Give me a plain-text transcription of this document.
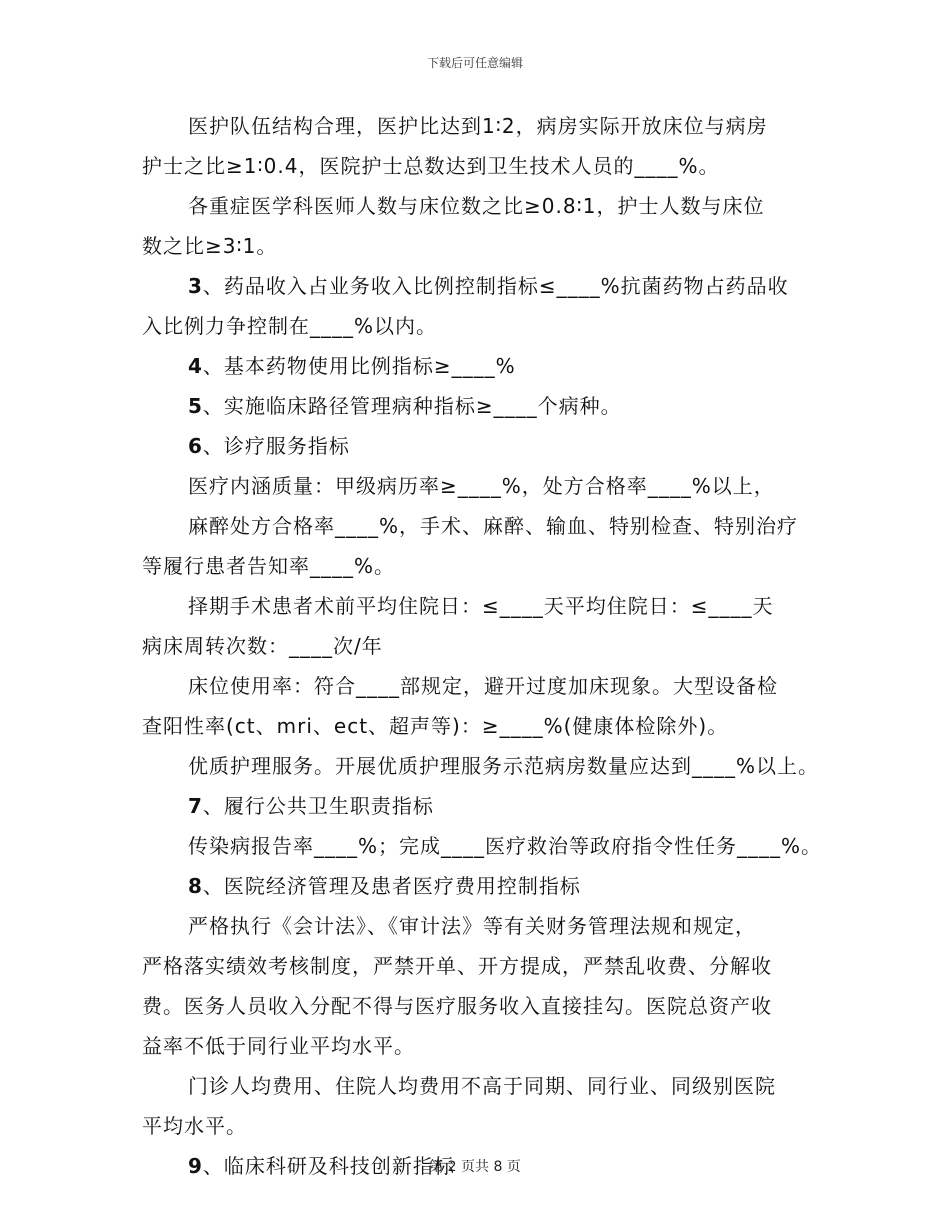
下载后可任意编辑

医护队伍结构合理，医护比达到1∶2，病房实际开放床位与病房

护士之比≥1∶0.4，医院护士总数达到卫生技术人员的____%。

各重症医学科医师人数与床位数之比≥0.8∶1，护士人数与床位

数之比≥3∶1。

3、药品收入占业务收入比例控制指标≤____%抗菌药物占药品收

入比例力争控制在____%以内。

4、基本药物使用比例指标≥____%

5、实施临床路径管理病种指标≥____个病种。

6、诊疗服务指标

医疗内涵质量：甲级病历率≥____%，处方合格率____%以上，

麻醉处方合格率____%，手术、麻醉、输血、特别检查、特别治疗

等履行患者告知率____%。

择期手术患者术前平均住院日：≤____天平均住院日：≤____天

病床周转次数：____次/年

床位使用率：符合____部规定，避开过度加床现象。大型设备检

查阳性率(ct、mri、ect、超声等)：≥____%(健康体检除外)。

优质护理服务。开展优质护理服务示范病房数量应达到____%以上。

7、履行公共卫生职责指标

传染病报告率____%；完成____医疗救治等政府指令性任务____%。

8、医院经济管理及患者医疗费用控制指标

严格执行《会计法》、《审计法》等有关财务管理法规和规定，

严格落实绩效考核制度，严禁开单、开方提成，严禁乱收费、分解收

费。医务人员收入分配不得与医疗服务收入直接挂勾。医院总资产收

益率不低于同行业平均水平。

门诊人均费用、住院人均费用不高于同期、同行业、同级别医院

平均水平。

9、临床科研及科技创新指标

第 2 页共 8 页
